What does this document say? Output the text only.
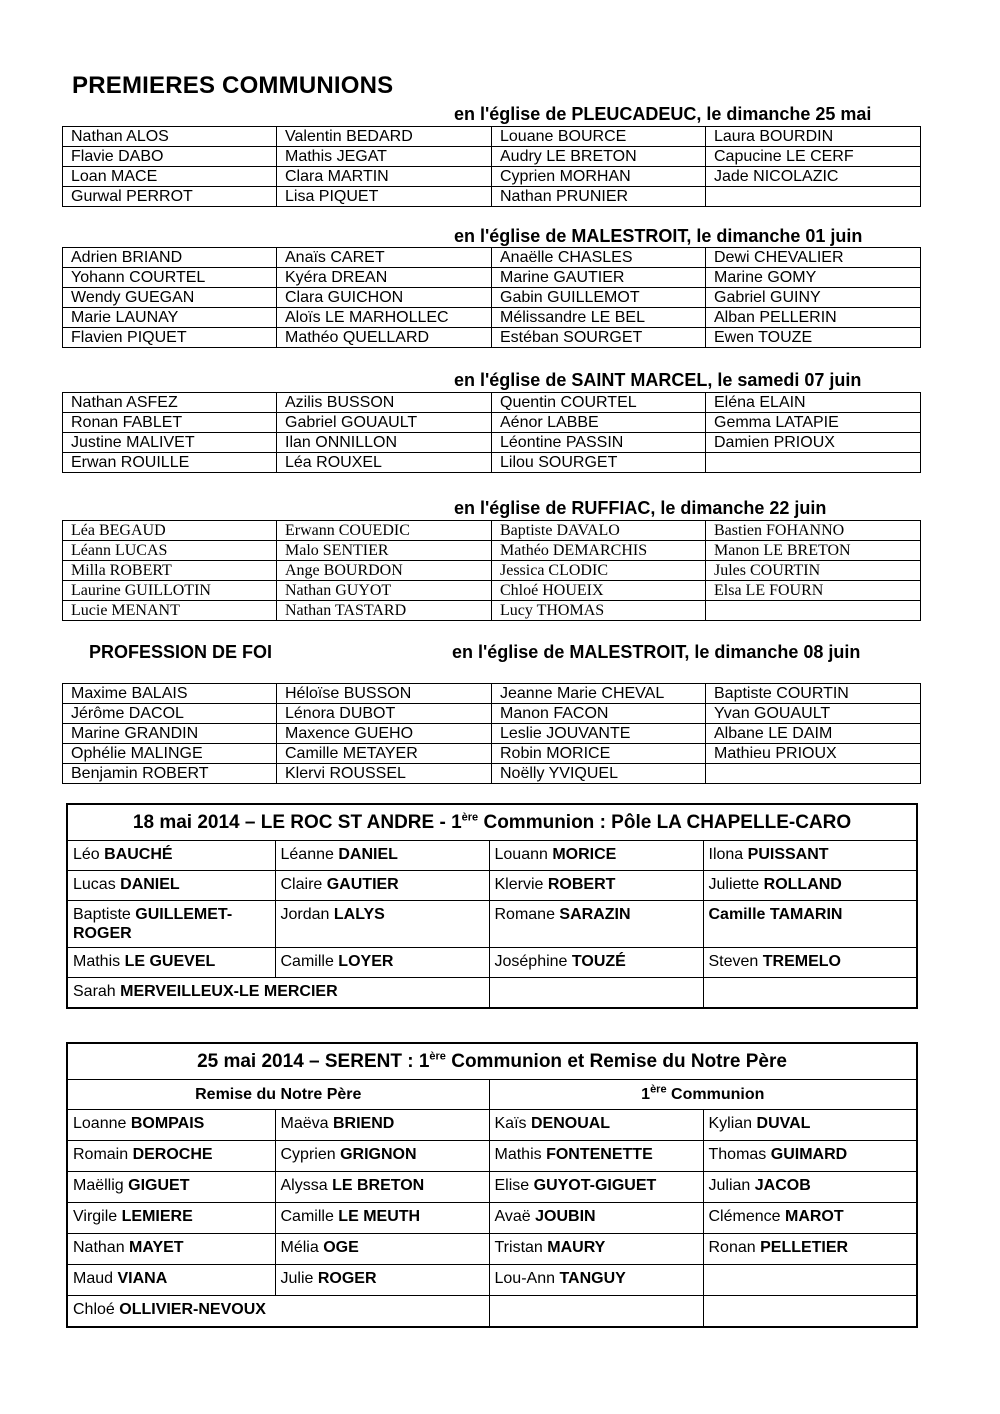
PREMIERES COMMUNIONS
en l'église de PLEUCADEUC, le dimanche 25 mai
Nathan ALOS	Valentin BEDARD	Louane BOURCE	Laura BOURDIN
Flavie DABO	Mathis JEGAT	Audry LE BRETON	Capucine LE CERF
Loan MACE	Clara MARTIN	Cyprien MORHAN	Jade NICOLAZIC
Gurwal PERROT	Lisa PIQUET	Nathan PRUNIER	
en l'église de MALESTROIT, le dimanche 01 juin
Adrien BRIAND	Anaïs CARET	Anaëlle CHASLES	Dewi CHEVALIER
Yohann COURTEL	Kyéra DREAN	Marine GAUTIER	Marine GOMY
Wendy GUEGAN	Clara GUICHON	Gabin GUILLEMOT	Gabriel GUINY
Marie LAUNAY	Aloïs LE MARHOLLEC	Mélissandre LE BEL	Alban PELLERIN
Flavien PIQUET	Mathéo QUELLARD	Estéban SOURGET	Ewen TOUZE
en l'église de SAINT MARCEL, le samedi 07 juin
Nathan ASFEZ	Azilis BUSSON	Quentin COURTEL	Eléna ELAIN
Ronan FABLET	Gabriel GOUAULT	Aénor LABBE	Gemma LATAPIE
Justine MALIVET	Ilan ONNILLON	Léontine PASSIN	Damien PRIOUX
Erwan ROUILLE	Léa ROUXEL	Lilou SOURGET	
en l'église de RUFFIAC, le dimanche 22 juin
Léa BEGAUD	Erwann COUEDIC	Baptiste DAVALO	Bastien FOHANNO
Léann LUCAS	Malo SENTIER	Mathéo DEMARCHIS	Manon LE BRETON
Milla ROBERT	Ange BOURDON	Jessica CLODIC	Jules COURTIN
Laurine GUILLOTIN	Nathan GUYOT	Chloé HOUEIX	Elsa LE FOURN
Lucie MENANT	Nathan TASTARD	Lucy THOMAS	
PROFESSION DE FOI	en l'église de MALESTROIT, le dimanche 08 juin
Maxime BALAIS	Héloïse BUSSON	Jeanne Marie CHEVAL	Baptiste COURTIN
Jérôme DACOL	Lénora DUBOT	Manon FACON	Yvan GOUAULT
Marine GRANDIN	Maxence GUEHO	Leslie JOUVANTE	Albane LE DAIM
Ophélie MALINGE	Camille METAYER	Robin MORICE	Mathieu PRIOUX
Benjamin ROBERT	Klervi ROUSSEL	Noëlly YVIQUEL	
18 mai 2014 – LE ROC ST ANDRE - 1ère Communion : Pôle LA CHAPELLE-CARO			
Léo BAUCHÉ	Léanne DANIEL	Louann MORICE	Ilona PUISSANT
Lucas DANIEL	Claire GAUTIER	Klervie ROBERT	Juliette ROLLAND
Baptiste GUILLEMET-ROGER	Jordan LALYS	Romane SARAZIN	Camille TAMARIN
Mathis LE GUEVEL	Camille LOYER	Joséphine TOUZÉ	Steven TREMELO
Sarah MERVEILLEUX-LE MERCIER			
25 mai 2014 – SERENT : 1ère Communion et Remise du Notre Père			
Remise du Notre Père		1ère Communion	
Loanne BOMPAIS	Maëva BRIEND	Kaïs DENOUAL	Kylian DUVAL
Romain DEROCHE	Cyprien GRIGNON	Mathis FONTENETTE	Thomas GUIMARD
Maëllig GIGUET	Alyssa LE BRETON	Elise GUYOT-GIGUET	Julian JACOB
Virgile LEMIERE	Camille LE MEUTH	Avaë JOUBIN	Clémence MAROT
Nathan MAYET	Mélia OGE	Tristan MAURY	Ronan PELLETIER
Maud VIANA	Julie ROGER	Lou-Ann TANGUY	
Chloé OLLIVIER-NEVOUX			
